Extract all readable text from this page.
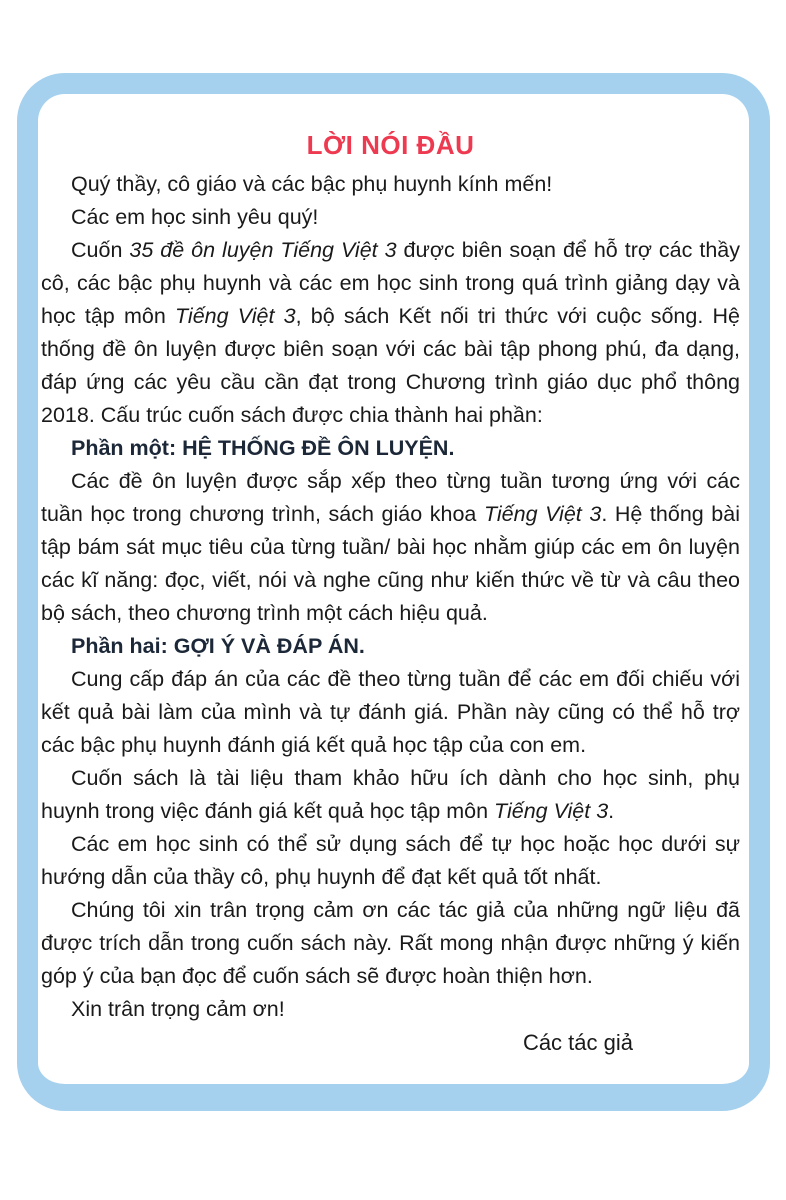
LỜI NÓI ĐẦU

Quý thầy, cô giáo và các bậc phụ huynh kính mến!

Các em học sinh yêu quý!

Cuốn 35 đề ôn luyện Tiếng Việt 3 được biên soạn để hỗ trợ các thầy cô, các bậc phụ huynh và các em học sinh trong quá trình giảng dạy và học tập môn Tiếng Việt 3, bộ sách Kết nối tri thức với cuộc sống. Hệ thống đề ôn luyện được biên soạn với các bài tập phong phú, đa dạng, đáp ứng các yêu cầu cần đạt trong Chương trình giáo dục phổ thông 2018. Cấu trúc cuốn sách được chia thành hai phần:

Phần một: HỆ THỐNG ĐỀ ÔN LUYỆN.

Các đề ôn luyện được sắp xếp theo từng tuần tương ứng với các tuần học trong chương trình, sách giáo khoa Tiếng Việt 3. Hệ thống bài tập bám sát mục tiêu của từng tuần/ bài học nhằm giúp các em ôn luyện các kĩ năng: đọc, viết, nói và nghe cũng như kiến thức về từ và câu theo bộ sách, theo chương trình một cách hiệu quả.

Phần hai: GỢI Ý VÀ ĐÁP ÁN.

Cung cấp đáp án của các đề theo từng tuần để các em đối chiếu với kết quả bài làm của mình và tự đánh giá. Phần này cũng có thể hỗ trợ các bậc phụ huynh đánh giá kết quả học tập của con em.

Cuốn sách là tài liệu tham khảo hữu ích dành cho học sinh, phụ huynh trong việc đánh giá kết quả học tập môn Tiếng Việt 3.

Các em học sinh có thể sử dụng sách để tự học hoặc học dưới sự hướng dẫn của thầy cô, phụ huynh để đạt kết quả tốt nhất.

Chúng tôi xin trân trọng cảm ơn các tác giả của những ngữ liệu đã được trích dẫn trong cuốn sách này. Rất mong nhận được những ý kiến góp ý của bạn đọc để cuốn sách sẽ được hoàn thiện hơn.

Xin trân trọng cảm ơn!

Các tác giả
